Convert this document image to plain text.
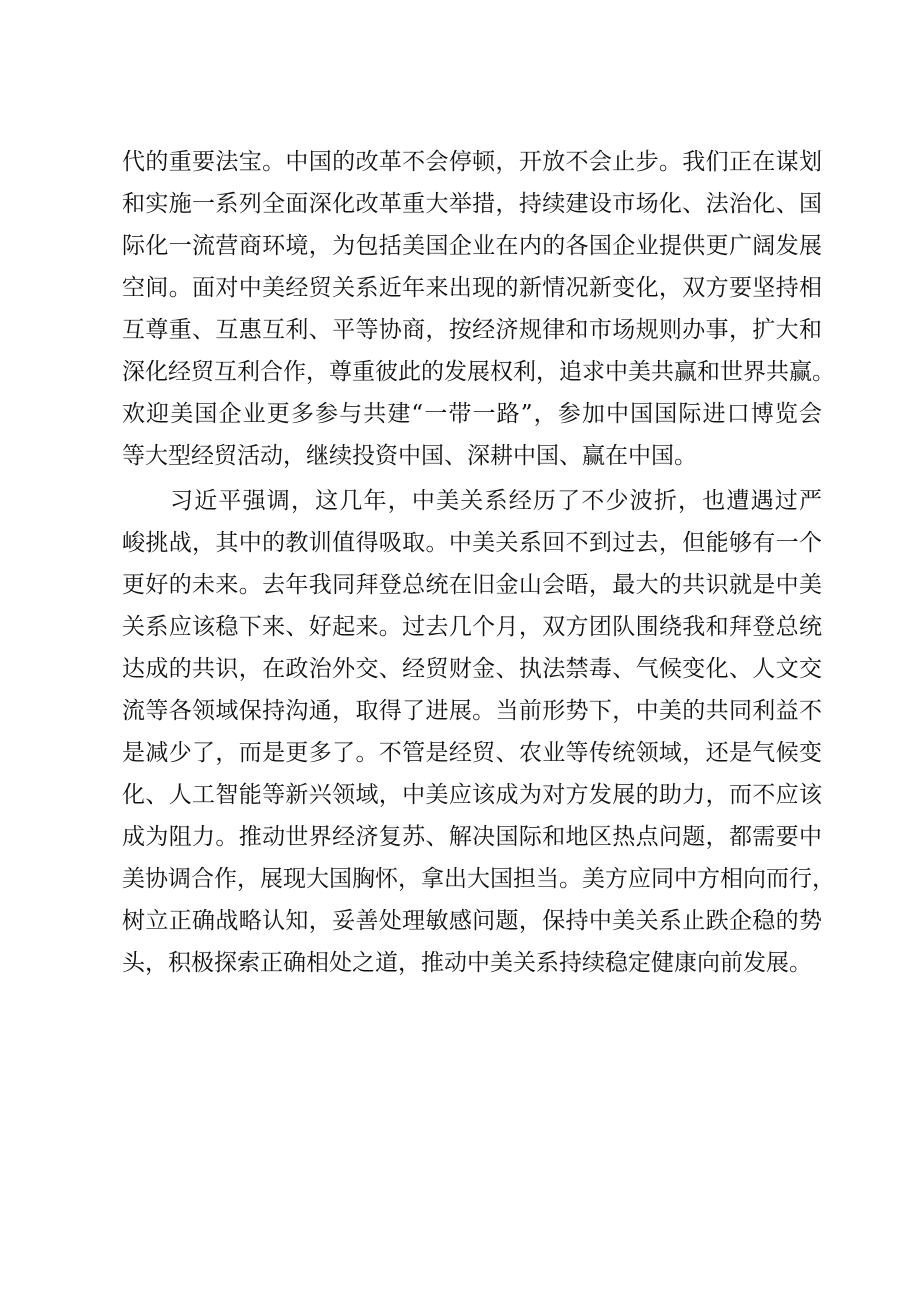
代的重要法宝。中国的改革不会停顿，开放不会止步。我们正在谋划
和实施一系列全面深化改革重大举措，持续建设市场化、法治化、国
际化一流营商环境，为包括美国企业在内的各国企业提供更广阔发展
空间。面对中美经贸关系近年来出现的新情况新变化，双方要坚持相
互尊重、互惠互利、平等协商，按经济规律和市场规则办事，扩大和
深化经贸互利合作，尊重彼此的发展权利，追求中美共赢和世界共赢。
欢迎美国企业更多参与共建“一带一路”，参加中国国际进口博览会
等大型经贸活动，继续投资中国、深耕中国、赢在中国。
习近平强调，这几年，中美关系经历了不少波折，也遭遇过严
峻挑战，其中的教训值得吸取。中美关系回不到过去，但能够有一个
更好的未来。去年我同拜登总统在旧金山会晤，最大的共识就是中美
关系应该稳下来、好起来。过去几个月，双方团队围绕我和拜登总统
达成的共识，在政治外交、经贸财金、执法禁毒、气候变化、人文交
流等各领域保持沟通，取得了进展。当前形势下，中美的共同利益不
是减少了，而是更多了。不管是经贸、农业等传统领域，还是气候变
化、人工智能等新兴领域，中美应该成为对方发展的助力，而不应该
成为阻力。推动世界经济复苏、解决国际和地区热点问题，都需要中
美协调合作，展现大国胸怀，拿出大国担当。美方应同中方相向而行，
树立正确战略认知，妥善处理敏感问题，保持中美关系止跌企稳的势
头，积极探索正确相处之道，推动中美关系持续稳定健康向前发展。
